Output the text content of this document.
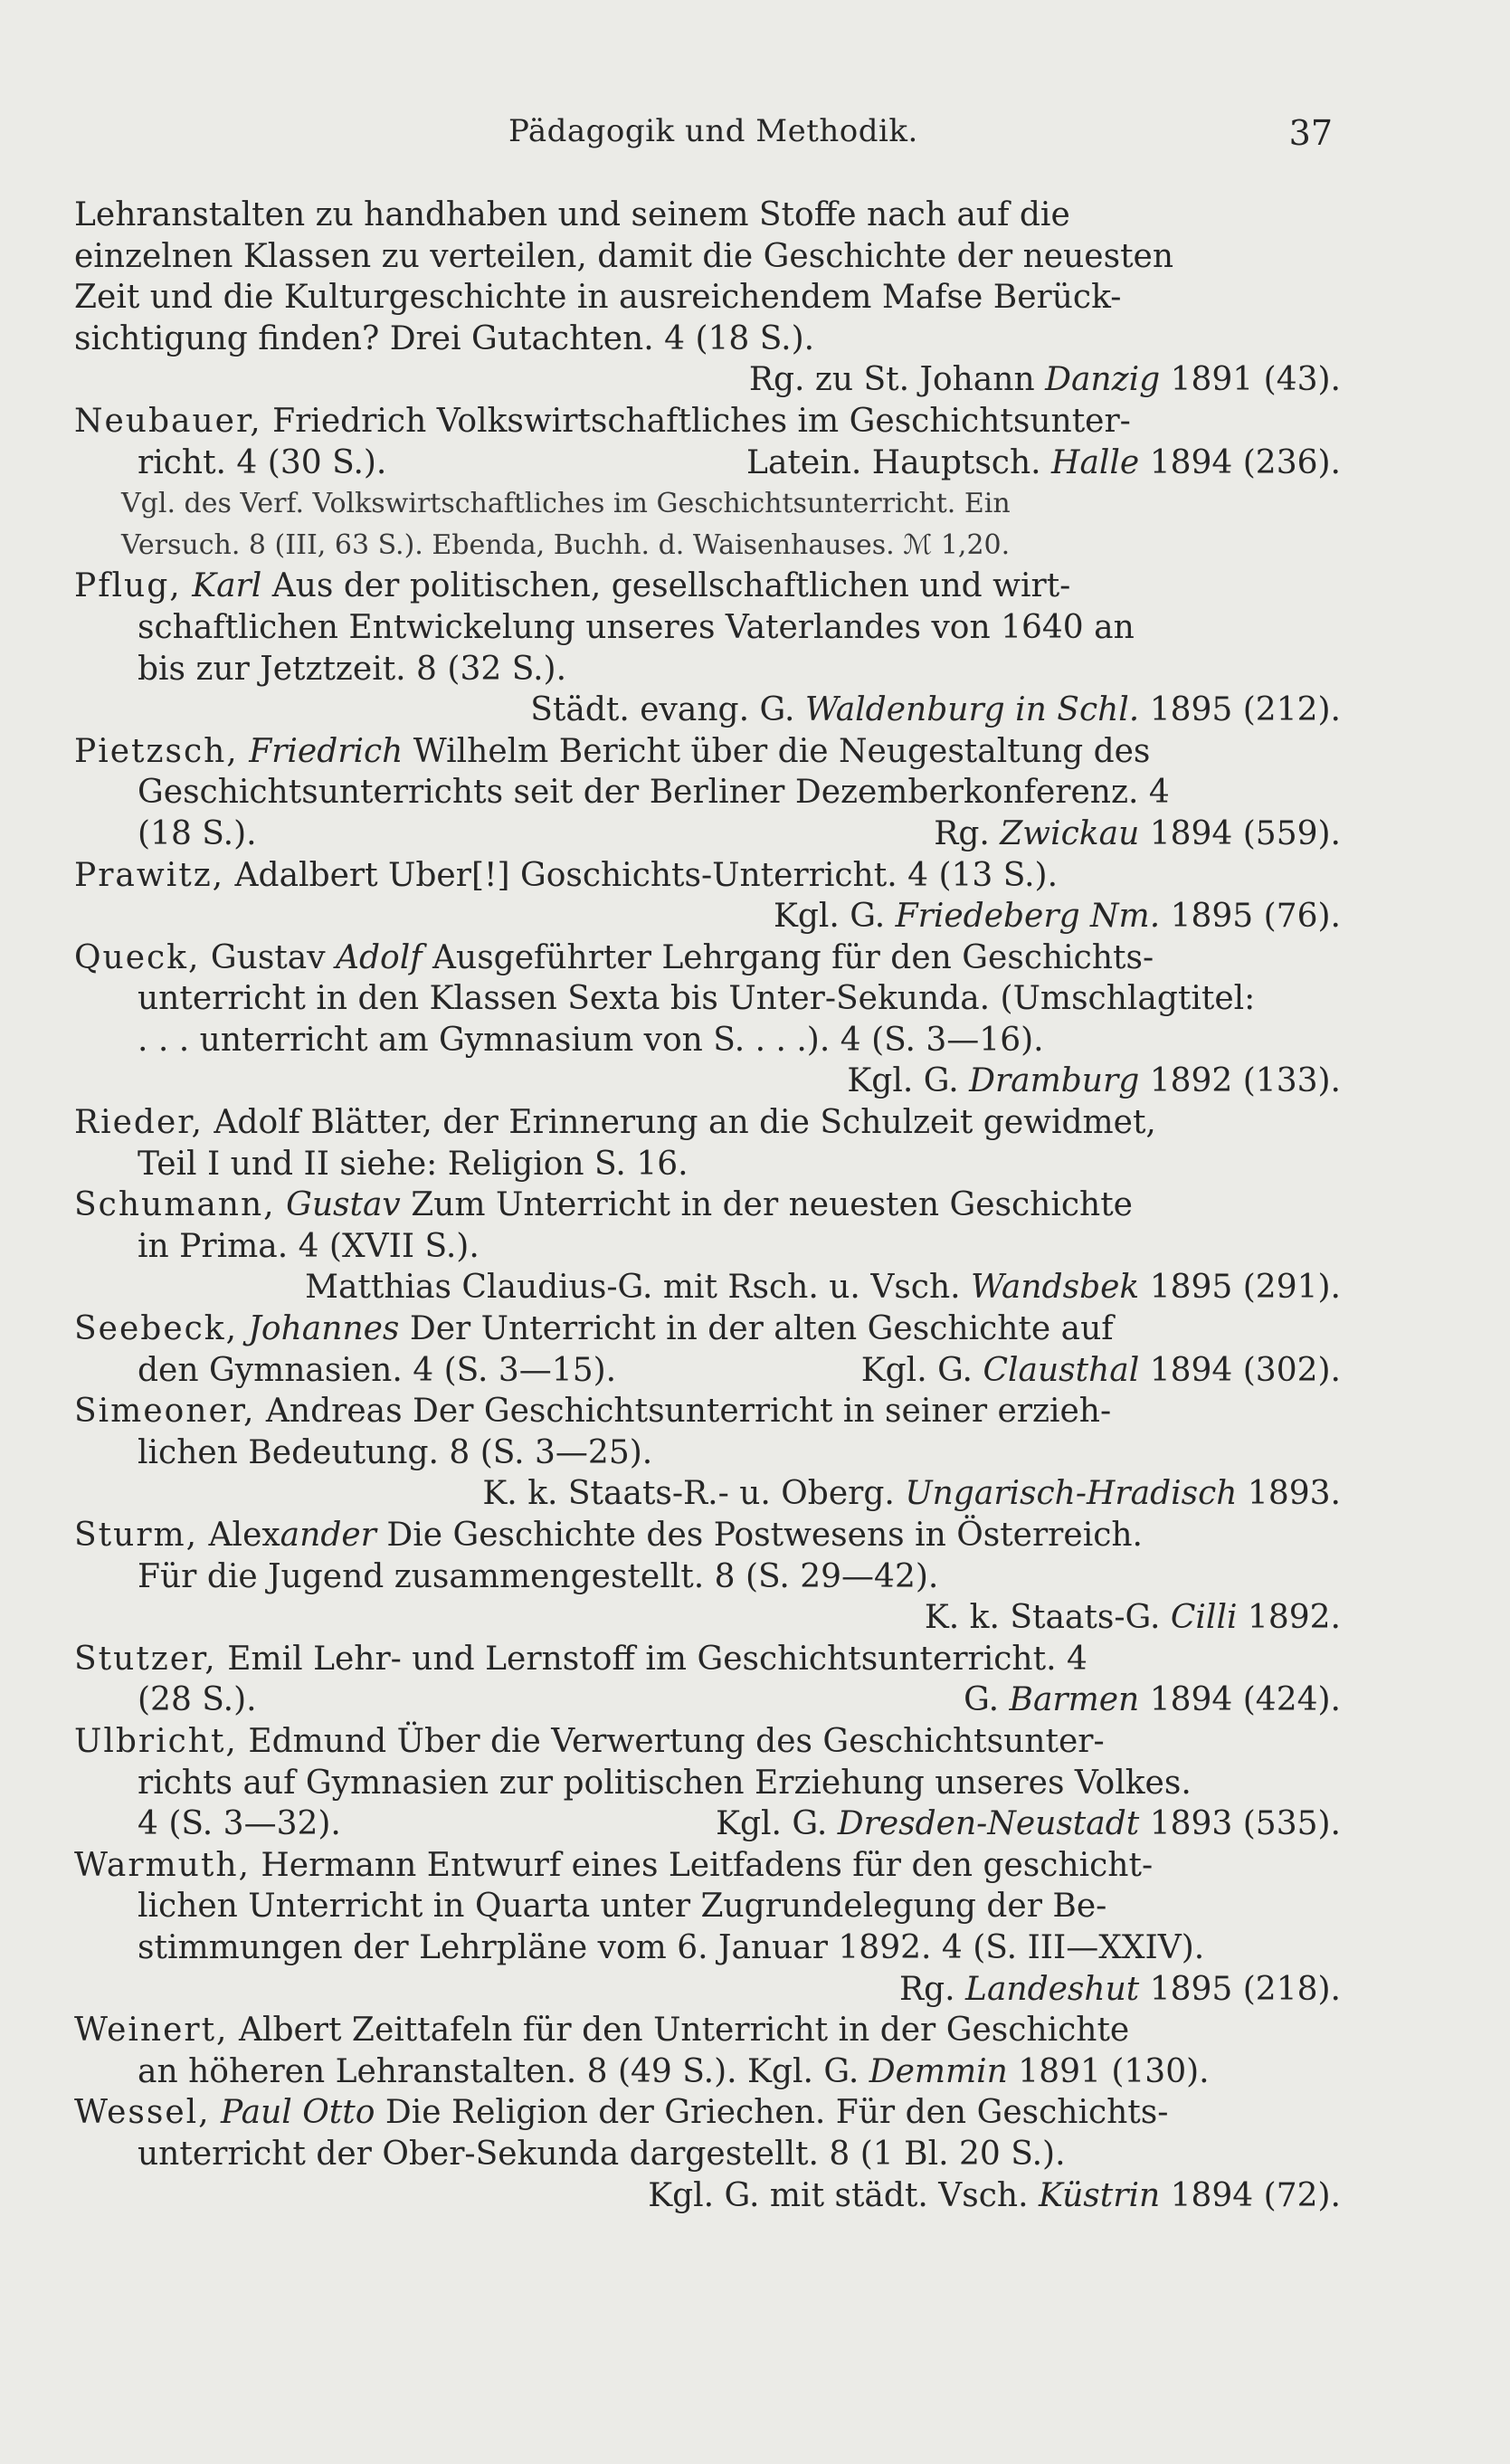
Pädagogik und Methodik.	37

Lehranstalten zu handhaben und seinem Stoffe nach auf die

einzelnen Klassen zu verteilen, damit die Geschichte der neuesten

Zeit und die Kulturgeschichte in ausreichendem Mafse Berück-

sichtigung finden? Drei Gutachten. 4 (18 S.).

Rg. zu St. Johann Danzig 1891 (43).

Neubauer, Friedrich Volkswirtschaftliches im Geschichtsunter-

richt. 4 (30 S.).	Latein. Hauptsch. Halle 1894 (236).

Vgl. des Verf. Volkswirtschaftliches im Geschichtsunterricht. Ein

Versuch. 8 (III, 63 S.). Ebenda, Buchh. d. Waisenhauses. ℳ 1,20.

Pflug, Karl Aus der politischen, gesellschaftlichen und wirt-

schaftlichen Entwickelung unseres Vaterlandes von 1640 an

bis zur Jetztzeit. 8 (32 S.).

Städt. evang. G. Waldenburg in Schl. 1895 (212).

Pietzsch, Friedrich Wilhelm Bericht über die Neugestaltung des

Geschichtsunterrichts seit der Berliner Dezemberkonferenz. 4

(18 S.).	Rg. Zwickau 1894 (559).

Prawitz, Adalbert Uber[!] Goschichts-Unterricht. 4 (13 S.).

Kgl. G. Friedeberg Nm. 1895 (76).

Queck, Gustav Adolf Ausgeführter Lehrgang für den Geschichts-

unterricht in den Klassen Sexta bis Unter-Sekunda. (Umschlagtitel:

. . . unterricht am Gymnasium von S. . . .). 4 (S. 3—16).

Kgl. G. Dramburg 1892 (133).

Rieder, Adolf Blätter, der Erinnerung an die Schulzeit gewidmet,

Teil I und II siehe: Religion S. 16.

Schumann, Gustav Zum Unterricht in der neuesten Geschichte

in Prima. 4 (XVII S.).

Matthias Claudius-G. mit Rsch. u. Vsch. Wandsbek 1895 (291).

Seebeck, Johannes Der Unterricht in der alten Geschichte auf

den Gymnasien. 4 (S. 3—15).	Kgl. G. Clausthal 1894 (302).

Simeoner, Andreas Der Geschichtsunterricht in seiner erzieh-

lichen Bedeutung. 8 (S. 3—25).

K. k. Staats-R.- u. Oberg. Ungarisch-Hradisch 1893.

Sturm, Alexander Die Geschichte des Postwesens in Österreich.

Für die Jugend zusammengestellt. 8 (S. 29—42).

K. k. Staats-G. Cilli 1892.

Stutzer, Emil Lehr- und Lernstoff im Geschichtsunterricht. 4

(28 S.).	G. Barmen 1894 (424).

Ulbricht, Edmund Über die Verwertung des Geschichtsunter-

richts auf Gymnasien zur politischen Erziehung unseres Volkes.

4 (S. 3—32).	Kgl. G. Dresden-Neustadt 1893 (535).

Warmuth, Hermann Entwurf eines Leitfadens für den geschicht-

lichen Unterricht in Quarta unter Zugrundelegung der Be-

stimmungen der Lehrpläne vom 6. Januar 1892. 4 (S. III—XXIV).

Rg. Landeshut 1895 (218).

Weinert, Albert Zeittafeln für den Unterricht in der Geschichte

an höheren Lehranstalten. 8 (49 S.). Kgl. G. Demmin 1891 (130).

Wessel, Paul Otto Die Religion der Griechen. Für den Geschichts-

unterricht der Ober-Sekunda dargestellt. 8 (1 Bl. 20 S.).

Kgl. G. mit städt. Vsch. Küstrin 1894 (72).
